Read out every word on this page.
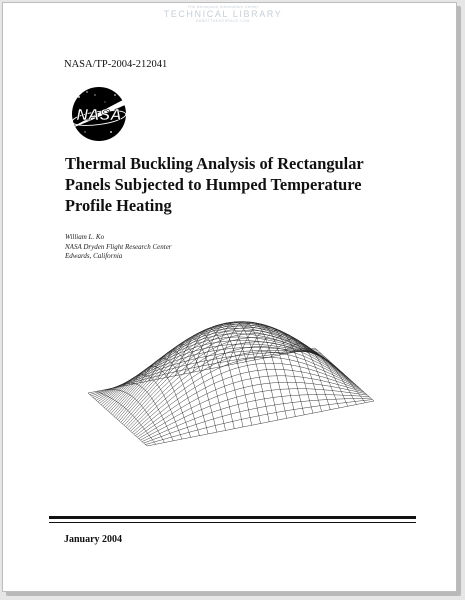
The Aerospace Information Center
TECHNICAL LIBRARY
ABBOTTAEROSPACE.COM
NASA/TP-2004-212041
NASA
Thermal Buckling Analysis of Rectangular
Panels Subjected to Humped Temperature
Profile Heating
William L. Ko
NASA Dryden Flight Research Center
Edwards, California
January 2004
